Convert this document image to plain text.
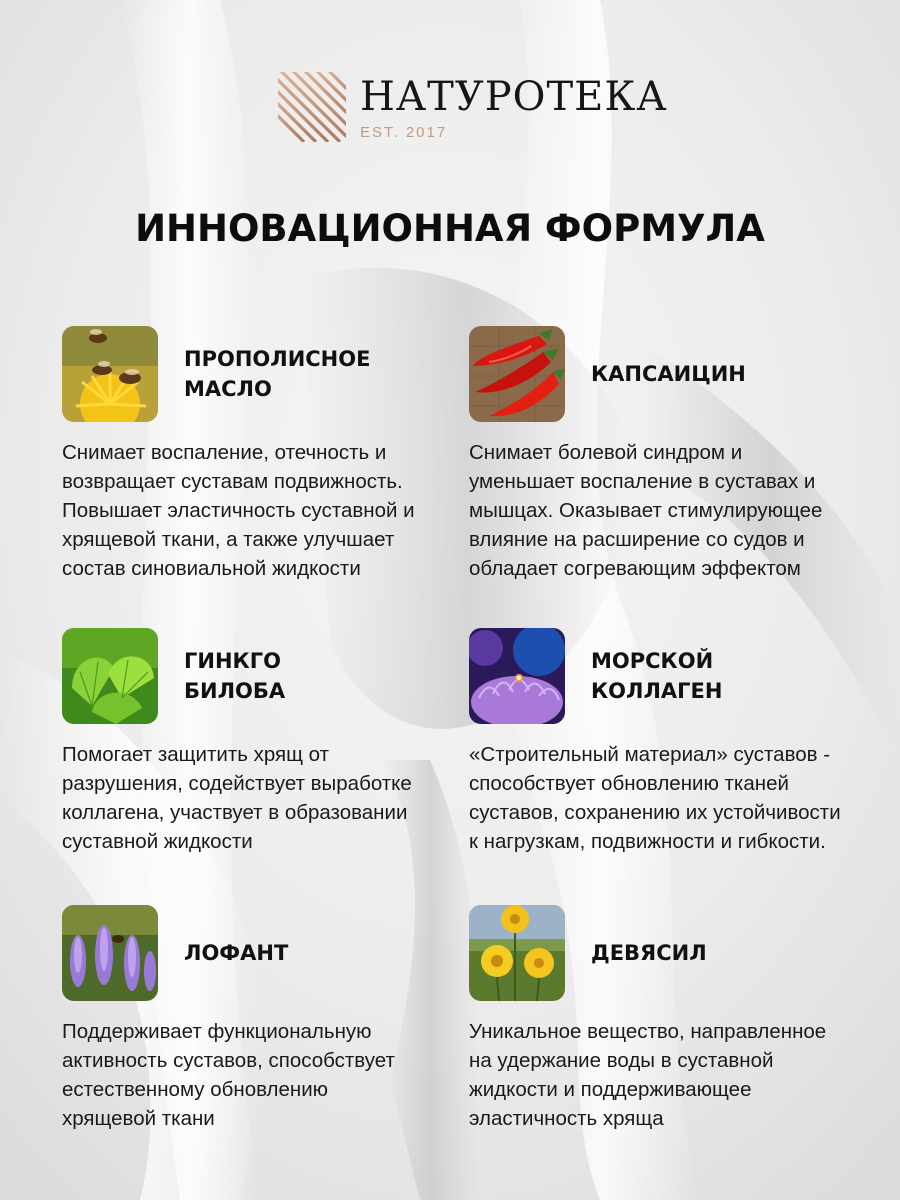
НАТУРОТЕКА
EST. 2017
ИННОВАЦИОННАЯ ФОРМУЛА
ПРОПОЛИСНОЕ
МАСЛО

Снимает воспаление, отечность и
возвращает суставам подвижность.
Повышает эластичность суставной и
хрящевой ткани, а также улучшает
состав синовиальной жидкости

КАПСАИЦИН

Снимает болевой синдром и
уменьшает воспаление в суставах и
мышцах. Оказывает стимулирующее
влияние на расширение со судов и
обладает согревающим эффектом

ГИНКГО
БИЛОБА

Помогает защитить хрящ от
разрушения, содействует выработке
коллагена, участвует в образовании
суставной жидкости

МОРСКОЙ
КОЛЛАГЕН

«Строительный материал» суставов -
способствует обновлению тканей
суставов, сохранению их устойчивости
к нагрузкам, подвижности и гибкости.

ЛОФАНТ

Поддерживает функциональную
активность суставов, способствует
естественному обновлению
хрящевой ткани

ДЕВЯСИЛ

Уникальное вещество, направленное
на удержание воды в суставной
жидкости и поддерживающее
эластичность хряща
